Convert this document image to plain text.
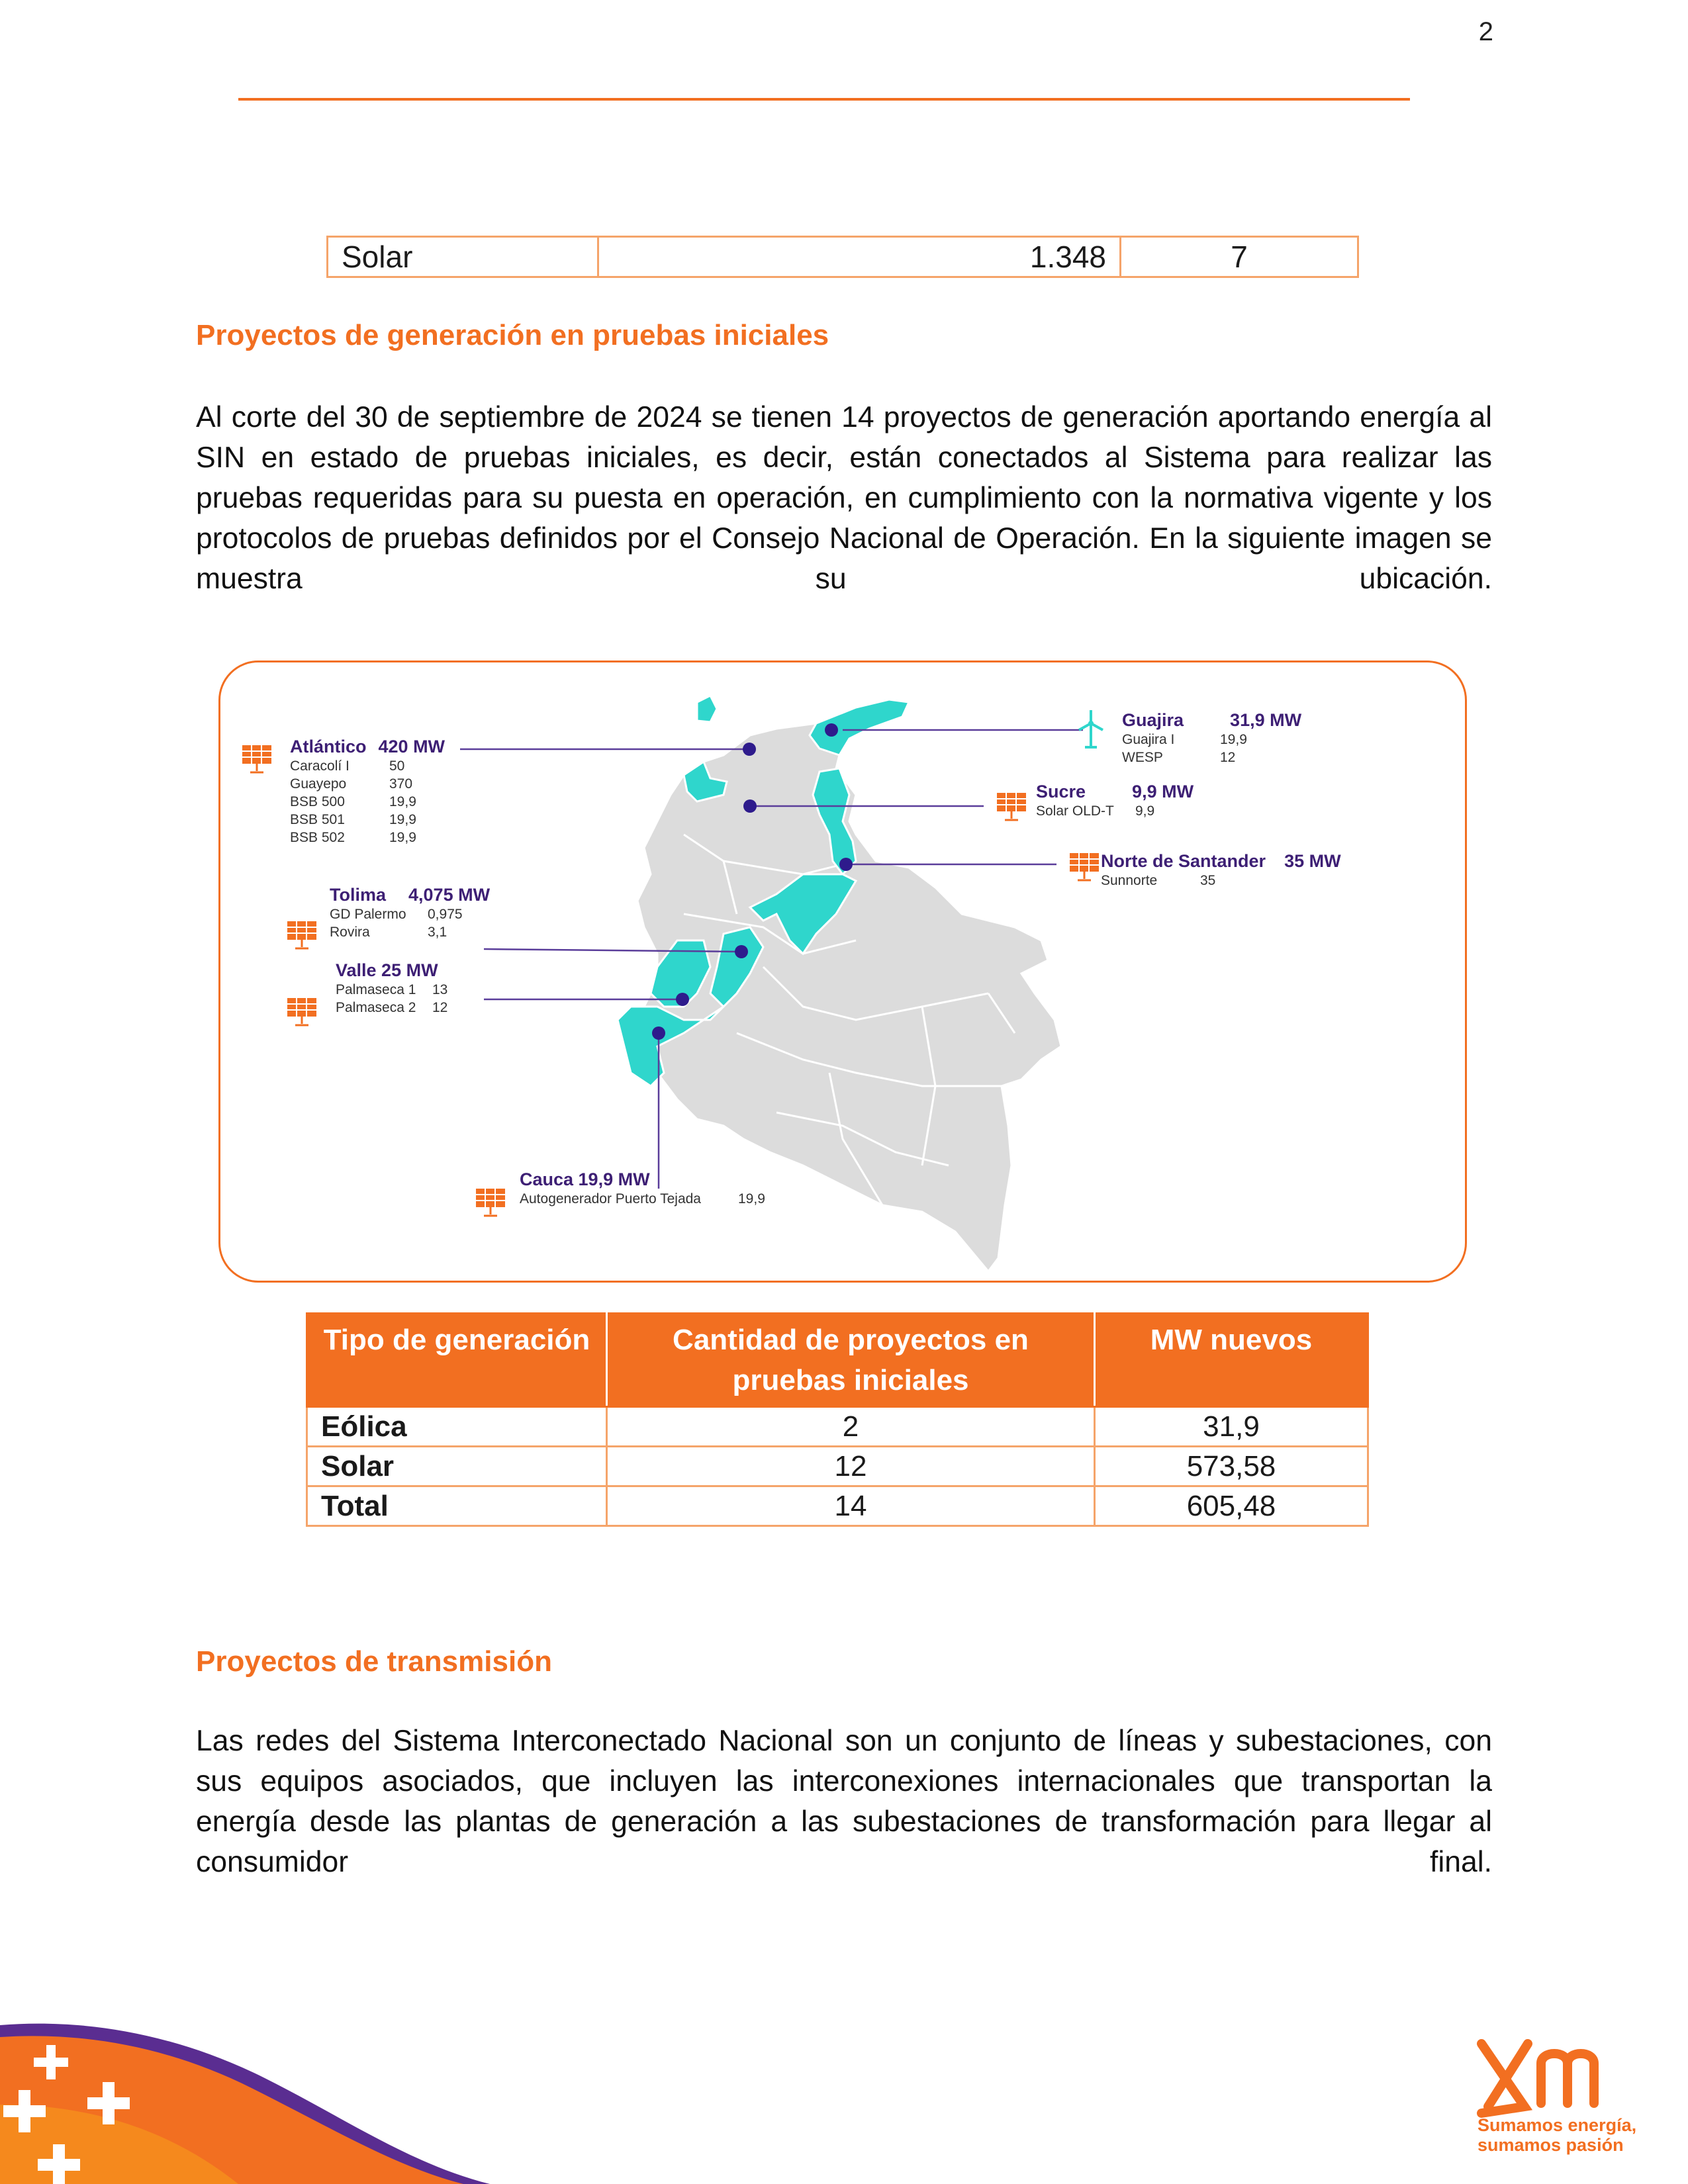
2
Solar	1.348	7
Proyectos de generación en pruebas iniciales

Al corte del 30 de septiembre de 2024 se tienen 14 proyectos de generación aportando energía al SIN en estado de pruebas iniciales, es decir, están conectados al Sistema para realizar las pruebas requeridas para su puesta en operación, en cumplimiento con la normativa vigente y los protocolos de pruebas definidos por el Consejo Nacional de Operación. En la siguiente imagen se muestra su ubicación.

Atlántico 420 MW
Caracolí I	50
Guayepo	370
BSB 500	19,9
BSB 501	19,9
BSB 502	19,9
Guajira	31,9 MW
Guajira I	19,9
WESP	12
Sucre	9,9 MW
Solar OLD-T 9,9
Norte de Santander 35 MW
Sunnorte	35
Tolima 4,075 MW
GD Palermo 0,975
Rovira	3,1
Valle 25 MW
Palmaseca 1 13
Palmaseca 2 12
Cauca 19,9 MW
Autogenerador Puerto Tejada	19,9
Tipo de generación	Cantidad de proyectos en pruebas iniciales	MW nuevos
Eólica	2	31,9
Solar	12	573,58
Total	14	605,48
Proyectos de transmisión

Las redes del Sistema Interconectado Nacional son un conjunto de líneas y subestaciones, con sus equipos asociados, que incluyen las interconexiones internacionales que transportan la energía desde las plantas de generación a las subestaciones de transformación para llegar al consumidor final.

Sumamos energía,
sumamos pasión
